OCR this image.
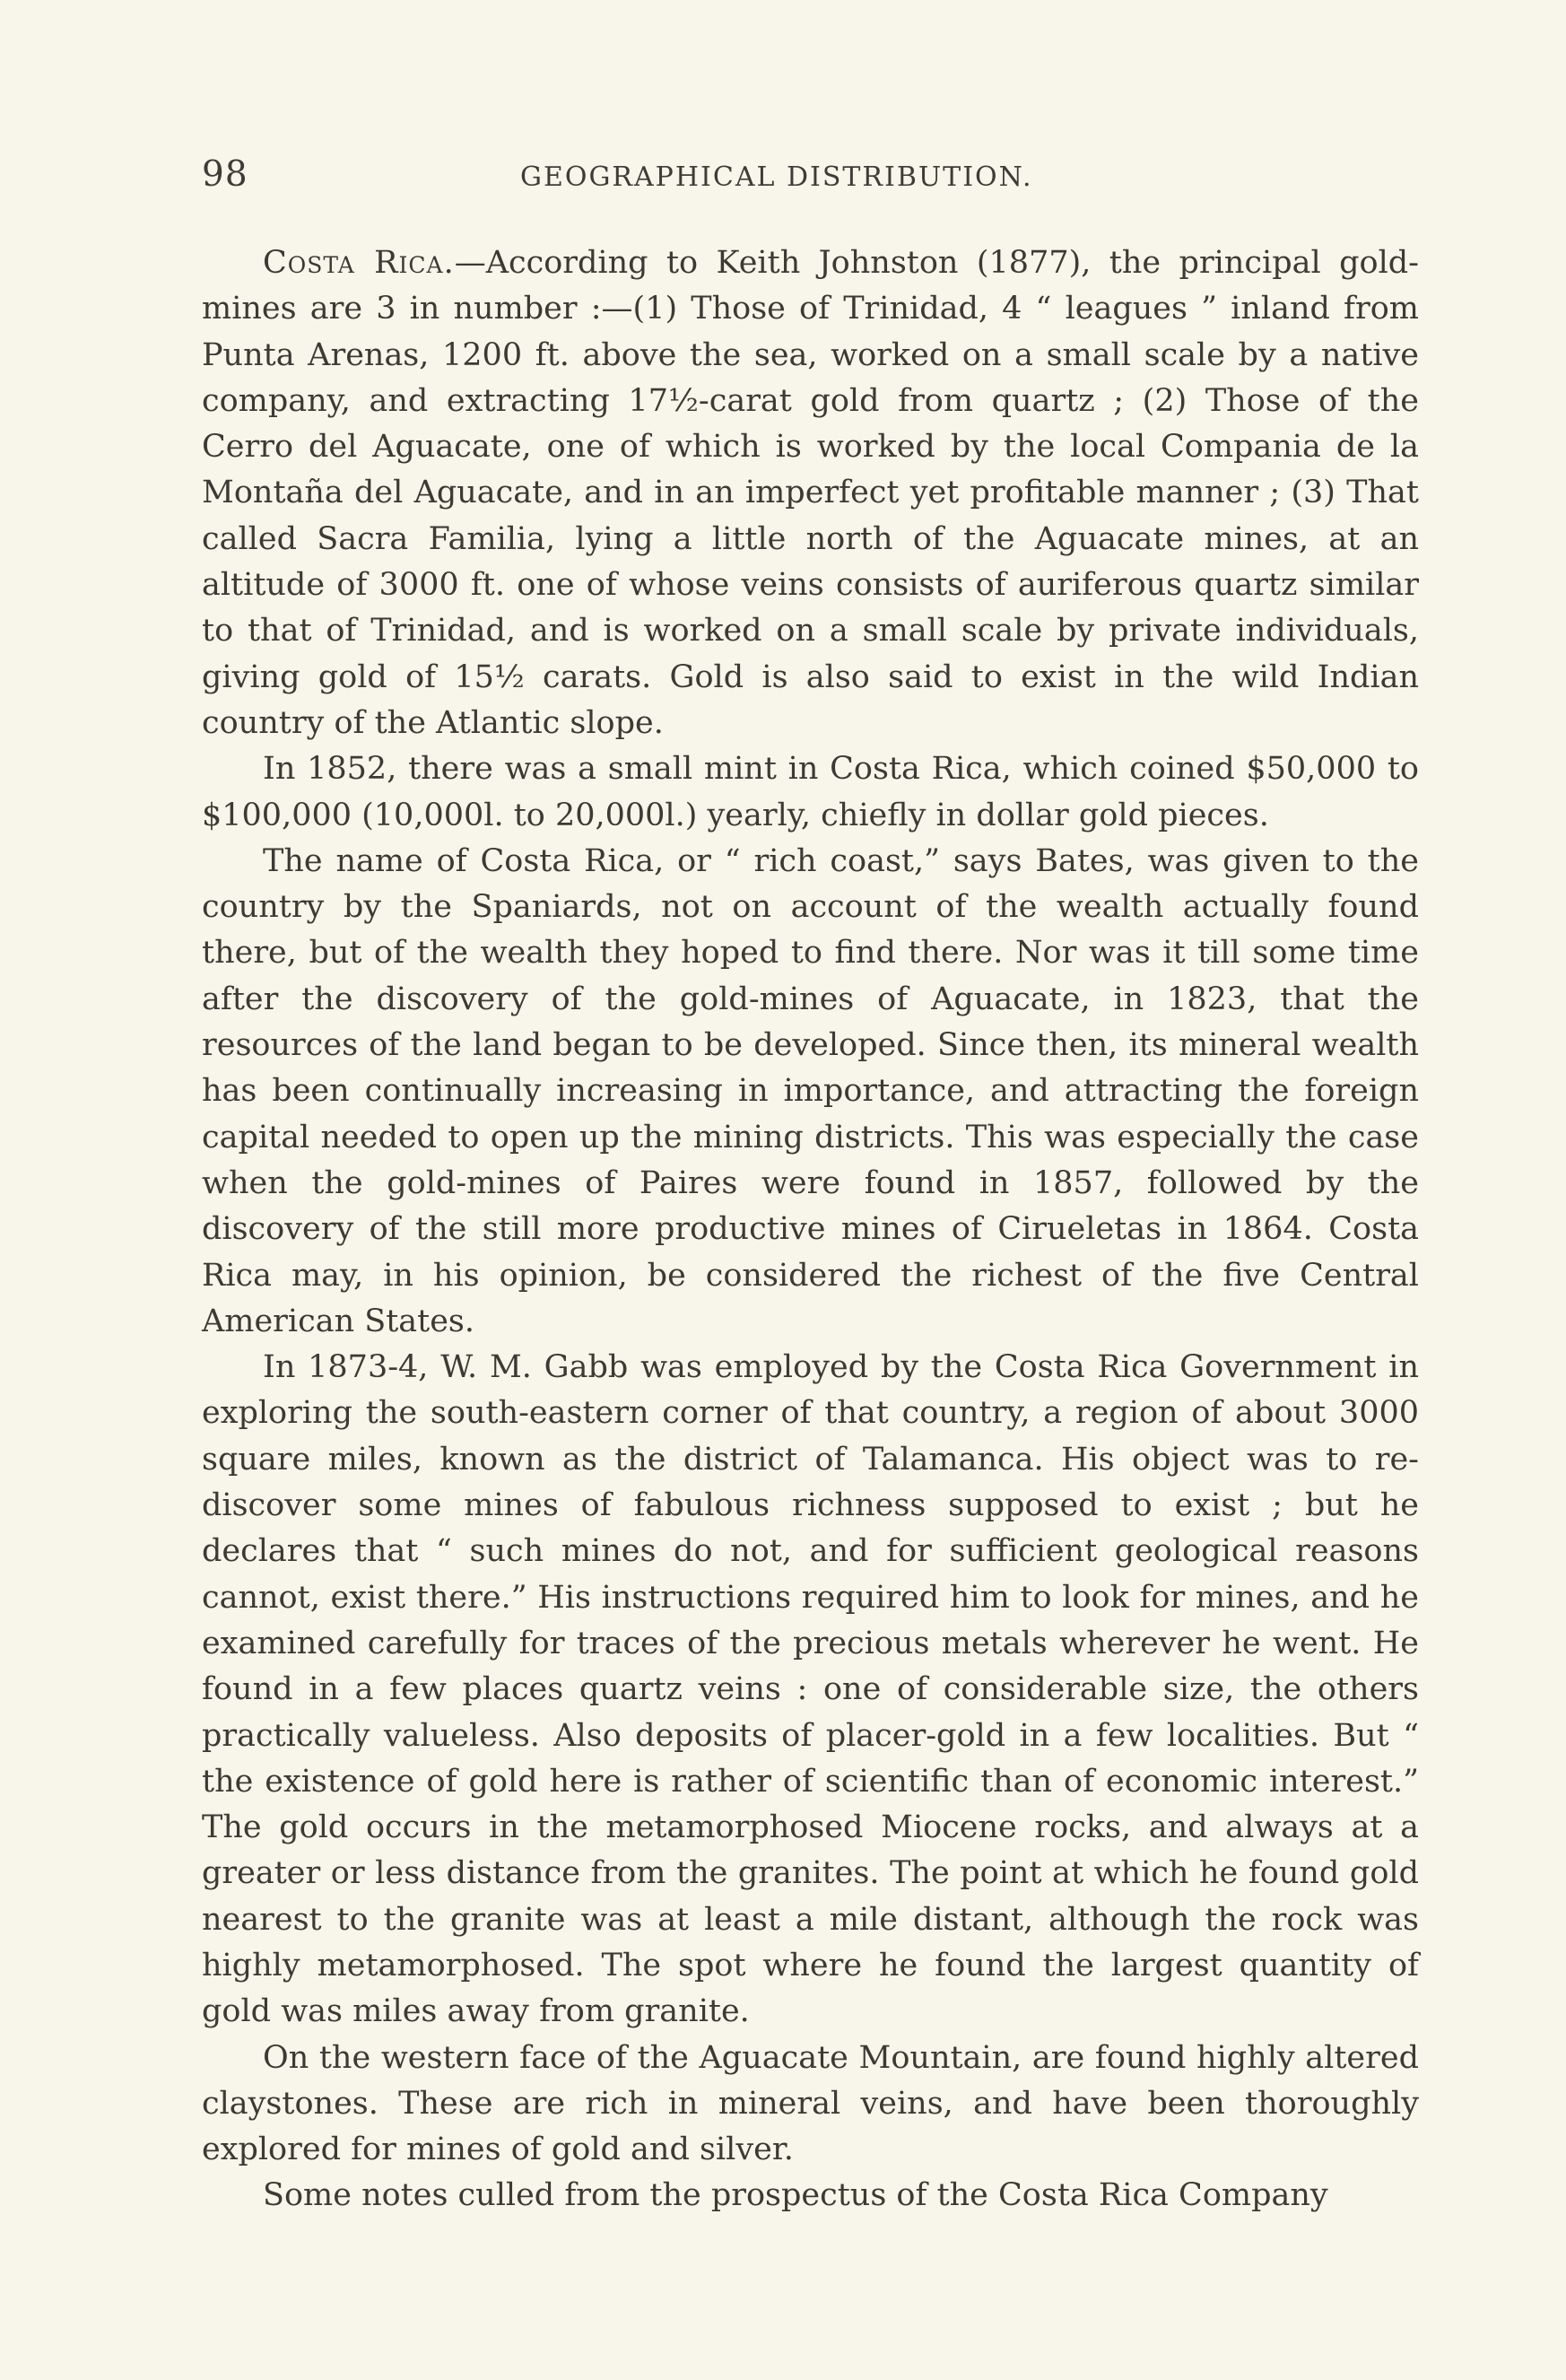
98	GEOGRAPHICAL DISTRIBUTION.

Costa Rica.—According to Keith Johnston (1877), the principal gold-mines are 3 in number :—(1) Those of Trinidad, 4 “ leagues ” inland from Punta Arenas, 1200 ft. above the sea, worked on a small scale by a native company, and extracting 17½-carat gold from quartz ; (2) Those of the Cerro del Aguacate, one of which is worked by the local Compania de la Montaña del Aguacate, and in an imperfect yet profitable manner ; (3) That called Sacra Familia, lying a little north of the Aguacate mines, at an altitude of 3000 ft. one of whose veins consists of auriferous quartz similar to that of Trinidad, and is worked on a small scale by private individuals, giving gold of 15½ carats. Gold is also said to exist in the wild Indian country of the Atlantic slope.

In 1852, there was a small mint in Costa Rica, which coined $50,000 to $100,000 (10,000l. to 20,000l.) yearly, chiefly in dollar gold pieces.

The name of Costa Rica, or “ rich coast,” says Bates, was given to the country by the Spaniards, not on account of the wealth actually found there, but of the wealth they hoped to find there. Nor was it till some time after the discovery of the gold-mines of Aguacate, in 1823, that the resources of the land began to be developed. Since then, its mineral wealth has been continually increasing in importance, and attracting the foreign capital needed to open up the mining districts. This was especially the case when the gold-mines of Paires were found in 1857, followed by the discovery of the still more productive mines of Cirueletas in 1864. Costa Rica may, in his opinion, be considered the richest of the five Central American States.

In 1873-4, W. M. Gabb was employed by the Costa Rica Government in exploring the south-eastern corner of that country, a region of about 3000 square miles, known as the district of Talamanca. His object was to re-discover some mines of fabulous richness supposed to exist ; but he declares that “ such mines do not, and for sufficient geological reasons cannot, exist there.” His instructions required him to look for mines, and he examined carefully for traces of the precious metals wherever he went. He found in a few places quartz veins : one of considerable size, the others practically valueless. Also deposits of placer-gold in a few localities. But “ the existence of gold here is rather of scientific than of economic interest.” The gold occurs in the metamorphosed Miocene rocks, and always at a greater or less distance from the granites. The point at which he found gold nearest to the granite was at least a mile distant, although the rock was highly metamorphosed. The spot where he found the largest quantity of gold was miles away from granite.

On the western face of the Aguacate Mountain, are found highly altered claystones. These are rich in mineral veins, and have been thoroughly explored for mines of gold and silver.

Some notes culled from the prospectus of the Costa Rica Company
